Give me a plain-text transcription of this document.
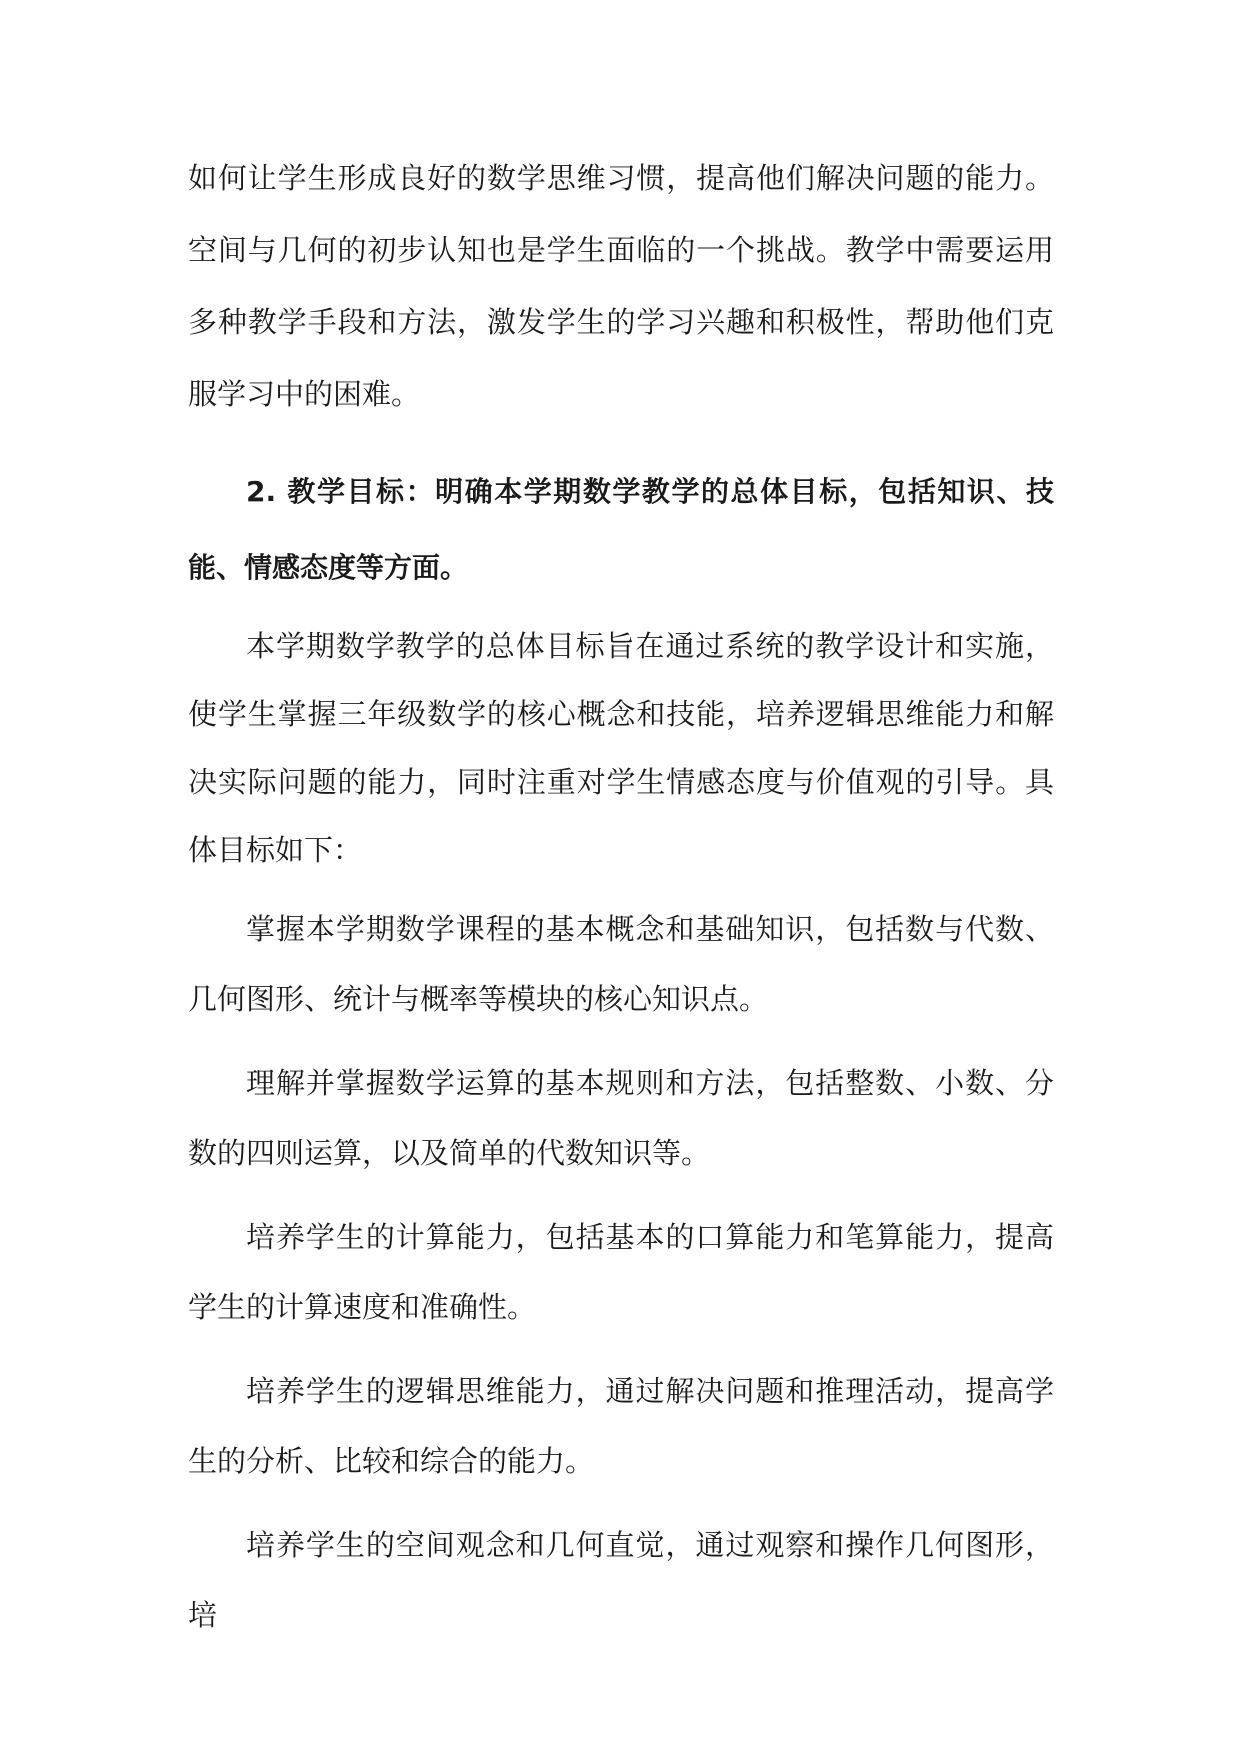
如何让学生形成良好的数学思维习惯，提高他们解决问题的能力。空间与几何的初步认知也是学生面临的一个挑战。教学中需要运用多种教学手段和方法，激发学生的学习兴趣和积极性，帮助他们克服学习中的困难。

2. 教学目标：明确本学期数学教学的总体目标，包括知识、技能、情感态度等方面。

本学期数学教学的总体目标旨在通过系统的教学设计和实施，使学生掌握三年级数学的核心概念和技能，培养逻辑思维能力和解决实际问题的能力，同时注重对学生情感态度与价值观的引导。具体目标如下：

掌握本学期数学课程的基本概念和基础知识，包括数与代数、几何图形、统计与概率等模块的核心知识点。

理解并掌握数学运算的基本规则和方法，包括整数、小数、分数的四则运算，以及简单的代数知识等。

培养学生的计算能力，包括基本的口算能力和笔算能力，提高学生的计算速度和准确性。

培养学生的逻辑思维能力，通过解决问题和推理活动，提高学生的分析、比较和综合的能力。

培养学生的空间观念和几何直觉，通过观察和操作几何图形，培
